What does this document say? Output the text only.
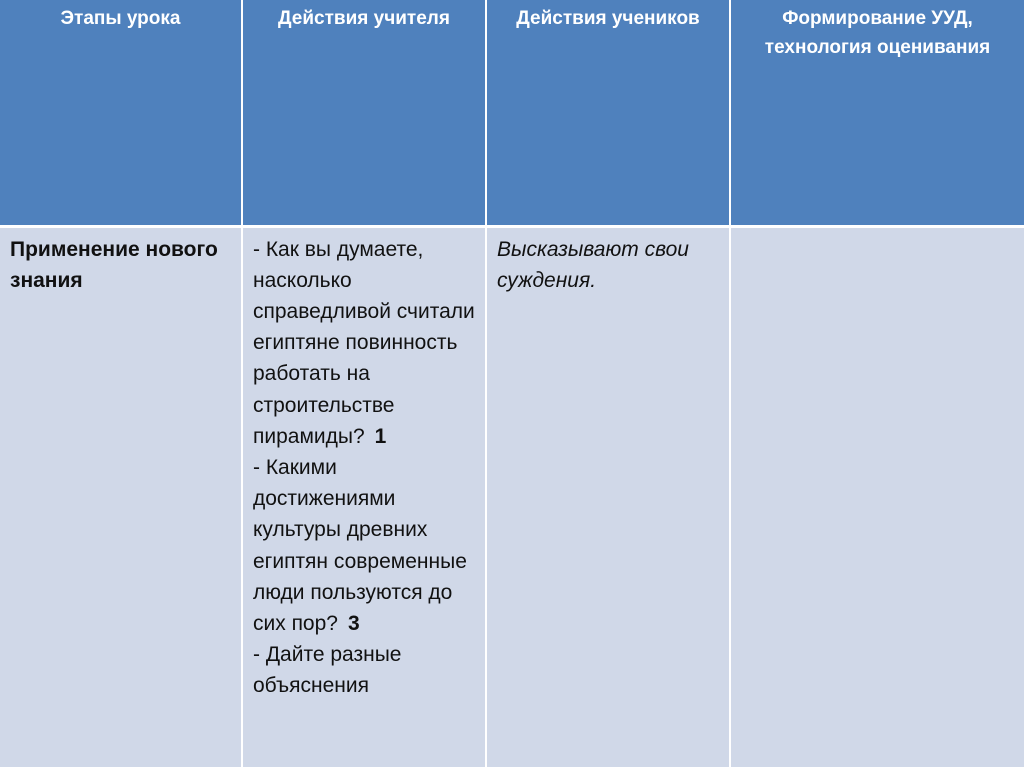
Этапы урока	Действия учителя	Действия учеников	Формирование УУД, технология оценивания
Применение нового знания	- Как вы думаете, насколько справедливой считали египтяне повинность работать на строительстве пирамиды? 1
- Какими достижениями культуры древних египтян современные люди пользуются до сих пор? 3
- Дайте разные объяснения	Высказывают свои суждения.	
